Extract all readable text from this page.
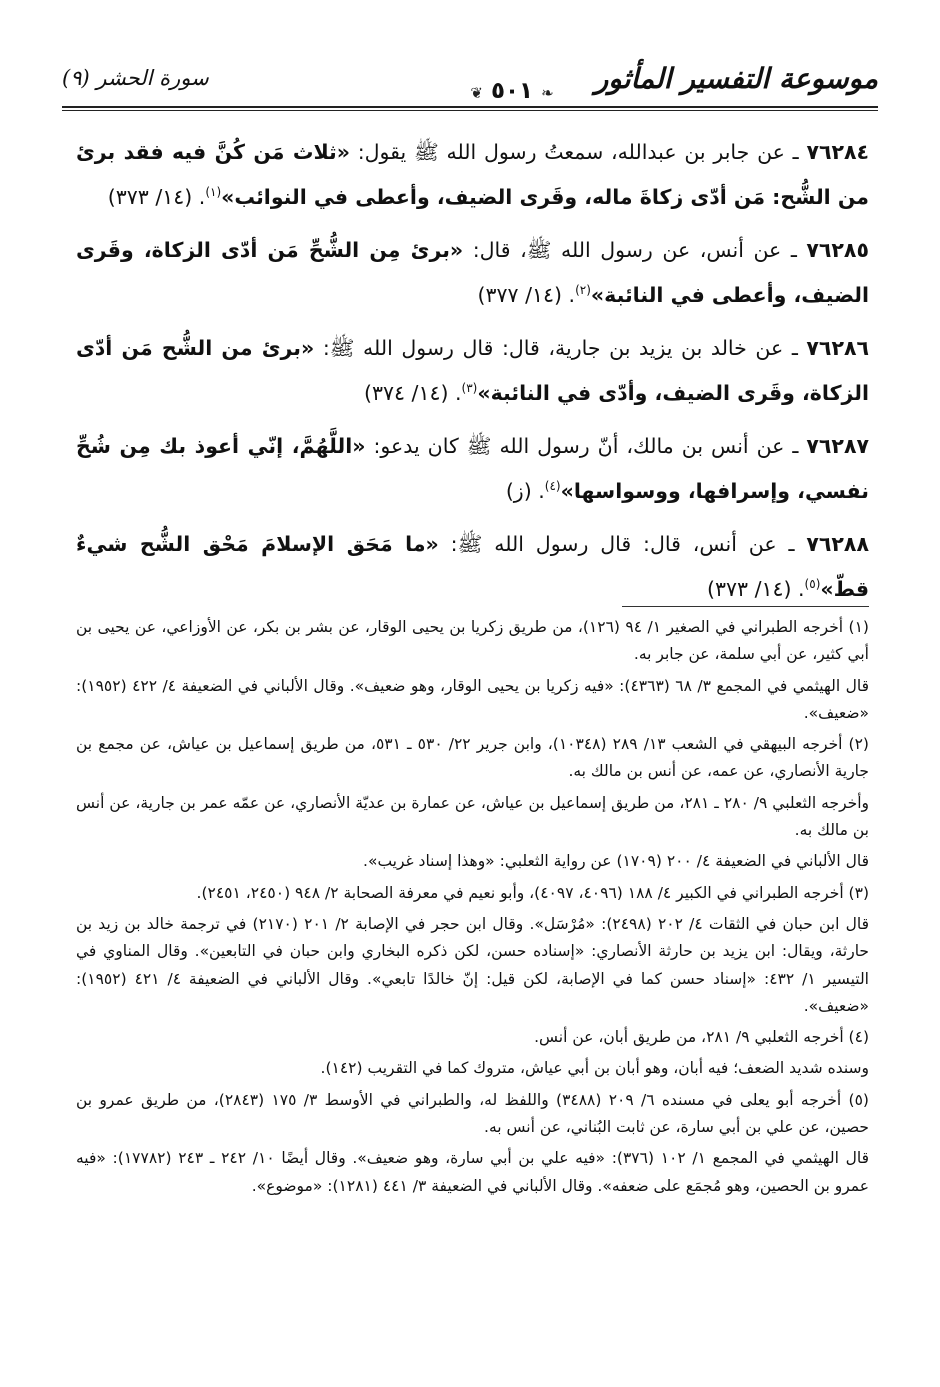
موسوعة التفسير المأثور
❦ ٥٠١ ❧
سورة الحشر (٩)

٧٦٢٨٤ ـ عن جابر بن عبدالله، سمعتُ رسول الله ﷺ يقول: «ثلاث مَن كُنَّ فيه فقد برئ من الشُّح: مَن أدّى زكاةَ ماله، وقَرى الضيف، وأعطى في النوائب»$^{(١)}$. (١٤/ ٣٧٣)

٧٦٢٨٥ ـ عن أنس، عن رسول الله ﷺ، قال: «برئ مِن الشُّحِّ مَن أدّى الزكاة، وقَرى الضيف، وأعطى في النائبة»$^{(٢)}$. (١٤/ ٣٧٧)

٧٦٢٨٦ ـ عن خالد بن يزيد بن جارية، قال: قال رسول الله ﷺ: «برئ من الشُّح مَن أدّى الزكاة، وقَرى الضيف، وأدّى في النائبة»$^{(٣)}$. (١٤/ ٣٧٤)

٧٦٢٨٧ ـ عن أنس بن مالك، أنّ رسول الله ﷺ كان يدعو: «اللَّهُمَّ، إنّي أعوذ بك مِن شُحِّ نفسي، وإسرافها، ووسواسها»$^{(٤)}$. (ز)

٧٦٢٨٨ ـ عن أنس، قال: قال رسول الله ﷺ: «ما مَحَق الإسلامَ مَحْق الشُّح شيءٌ قطّ»$^{(٥)}$. (١٤/ ٣٧٣)

(١) أخرجه الطبراني في الصغير ١/ ٩٤ (١٢٦)، من طريق زكريا بن يحيى الوقار، عن بشر بن بكر، عن الأوزاعي، عن يحيى بن أبي كثير، عن أبي سلمة، عن جابر به.

قال الهيثمي في المجمع ٣/ ٦٨ (٤٣٦٣): «فيه زكريا بن يحيى الوقار، وهو ضعيف». وقال الألباني في الضعيفة ٤/ ٤٢٢ (١٩٥٢): «ضعيف».

(٢) أخرجه البيهقي في الشعب ١٣/ ٢٨٩ (١٠٣٤٨)، وابن جرير ٢٢/ ٥٣٠ ـ ٥٣١، من طريق إسماعيل بن عياش، عن مجمع بن جارية الأنصاري، عن عمه، عن أنس بن مالك به.

وأخرجه الثعلبي ٩/ ٢٨٠ ـ ٢٨١، من طريق إسماعيل بن عياش، عن عمارة بن عديّة الأنصاري، عن عمّه عمر بن جارية، عن أنس بن مالك به.

قال الألباني في الضعيفة ٤/ ٢٠٠ (١٧٠٩) عن رواية الثعلبي: «وهذا إسناد غريب».

(٣) أخرجه الطبراني في الكبير ٤/ ١٨٨ (٤٠٩٦، ٤٠٩٧)، وأبو نعيم في معرفة الصحابة ٢/ ٩٤٨ (٢٤٥٠، ٢٤٥١).

قال ابن حبان في الثقات ٤/ ٢٠٢ (٢٤٩٨): «مُرْسَل». وقال ابن حجر في الإصابة ٢/ ٢٠١ (٢١٧٠) في ترجمة خالد بن زيد بن حارثة، ويقال: ابن يزيد بن حارثة الأنصاري: «إسناده حسن، لكن ذكره البخاري وابن حبان في التابعين». وقال المناوي في التيسير ١/ ٤٣٢: «إسناد حسن كما في الإصابة، لكن قيل: إنّ خالدًا تابعي». وقال الألباني في الضعيفة ٤/ ٤٢١ (١٩٥٢): «ضعيف».

(٤) أخرجه الثعلبي ٩/ ٢٨١، من طريق أبان، عن أنس.

وسنده شديد الضعف؛ فيه أبان، وهو أبان بن أبي عياش، متروك كما في التقريب (١٤٢).

(٥) أخرجه أبو يعلى في مسنده ٦/ ٢٠٩ (٣٤٨٨) واللفظ له، والطبراني في الأوسط ٣/ ١٧٥ (٢٨٤٣)، من طريق عمرو بن حصين، عن علي بن أبي سارة، عن ثابت البُناني، عن أنس به.

قال الهيثمي في المجمع ١/ ١٠٢ (٣٧٦): «فيه علي بن أبي سارة، وهو ضعيف». وقال أيضًا ١٠/ ٢٤٢ ـ ٢٤٣ (١٧٧٨٢): «فيه عمرو بن الحصين، وهو مُجمَع على ضعفه». وقال الألباني في الضعيفة ٣/ ٤٤١ (١٢٨١): «موضوع».
